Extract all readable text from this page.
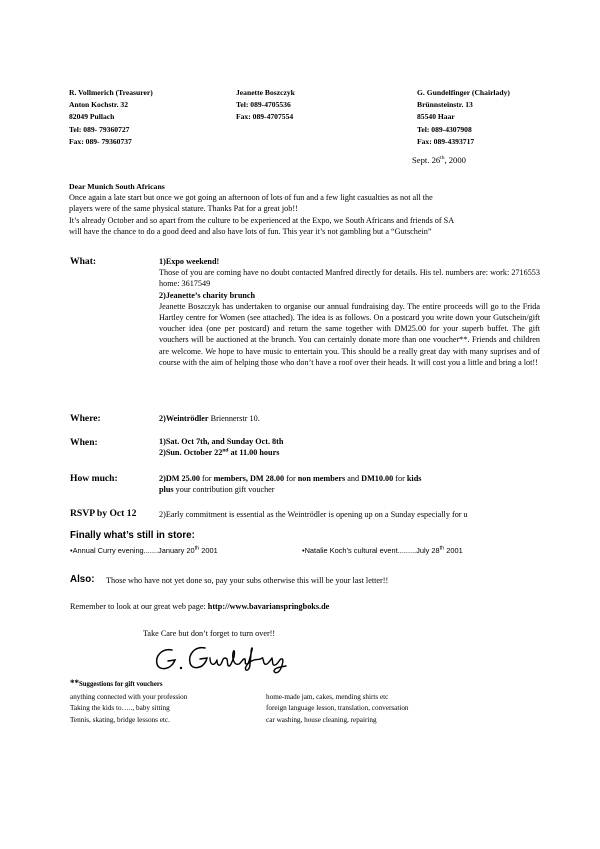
R. Vollmerich (Treasurer)
Anton Kochstr. 32
82049 Pullach
Tel: 089- 79360727
Fax: 089- 79360737
Jeanette Boszczyk
Tel: 089-4705536
Fax: 089-4707554
G. Gundelfinger (Chairlady)
Brünnsteinstr. 13
85540 Haar
Tel: 089-4307908
Fax: 089-4393717
Sept. 26th, 2000
Dear Munich South Africans
Once again a late start but once we got going an afternoon of lots of fun and a few light casualties as not all the
players were of the same physical stature. Thanks Pat for a great job!!
It’s already October and so apart from the culture to be experienced at the Expo, we South Africans and friends of SA
will have the chance to do a good deed and also have lots of fun. This year it’s not gambling but a “Gutschein”
What:	1)Expo weekend!

Those of you are coming have no doubt contacted Manfred directly for details. His tel. numbers are: work: 2716553 home: 3617549

2)Jeanette’s charity brunch

Jeanette Boszczyk has undertaken to organise our annual fundraising day. The entire proceeds will go to the Frida Hartley centre for Women (see attached). The idea is as follows. On a postcard you write down your Gutschein/gift voucher idea (one per postcard) and return the same together with DM25.00 for your superb buffet. The gift vouchers will be auctioned at the brunch. You can certainly donate more than one voucher**. Friends and children are welcome. We hope to have music to entertain you. This should be a really great day with many suprises and of course with the aim of helping those who don’t have a roof over their heads. It will cost you a little and bring a lot!!

Where:	2)Weintrödler Briennerstr 10.
When:	1)Sat. Oct 7th, and Sunday Oct. 8th
2)Sun. October 22nd at 11.00 hours
How much:	2)DM 25.00 for members, DM 28.00 for non members and DM10.00 for kids
plus your contribution gift voucher
RSVP by Oct 12	2)Early commitment is essential as the Weintrödler is opening up on a Sunday especially for u
Finally what’s still in store:
•Annual Curry evening.......January 20th 2001	•Natalie Koch’s cultural event.........July 28th 2001
Also: Those who have not yet done so, pay your subs otherwise this will be your last letter!!
Remember to look at our great web page: http://www.bavarianspringboks.de
Take Care but don’t forget to turn over!!
**Suggestions for gift vouchers
anything connected with your profession
Taking the kids to….., baby sitting
Tennis, skating, bridge lessons etc.
home-made jam, cakes, mending shirts etc
foreign language lesson, translation, conversation
car washing, house cleaning, repairing
